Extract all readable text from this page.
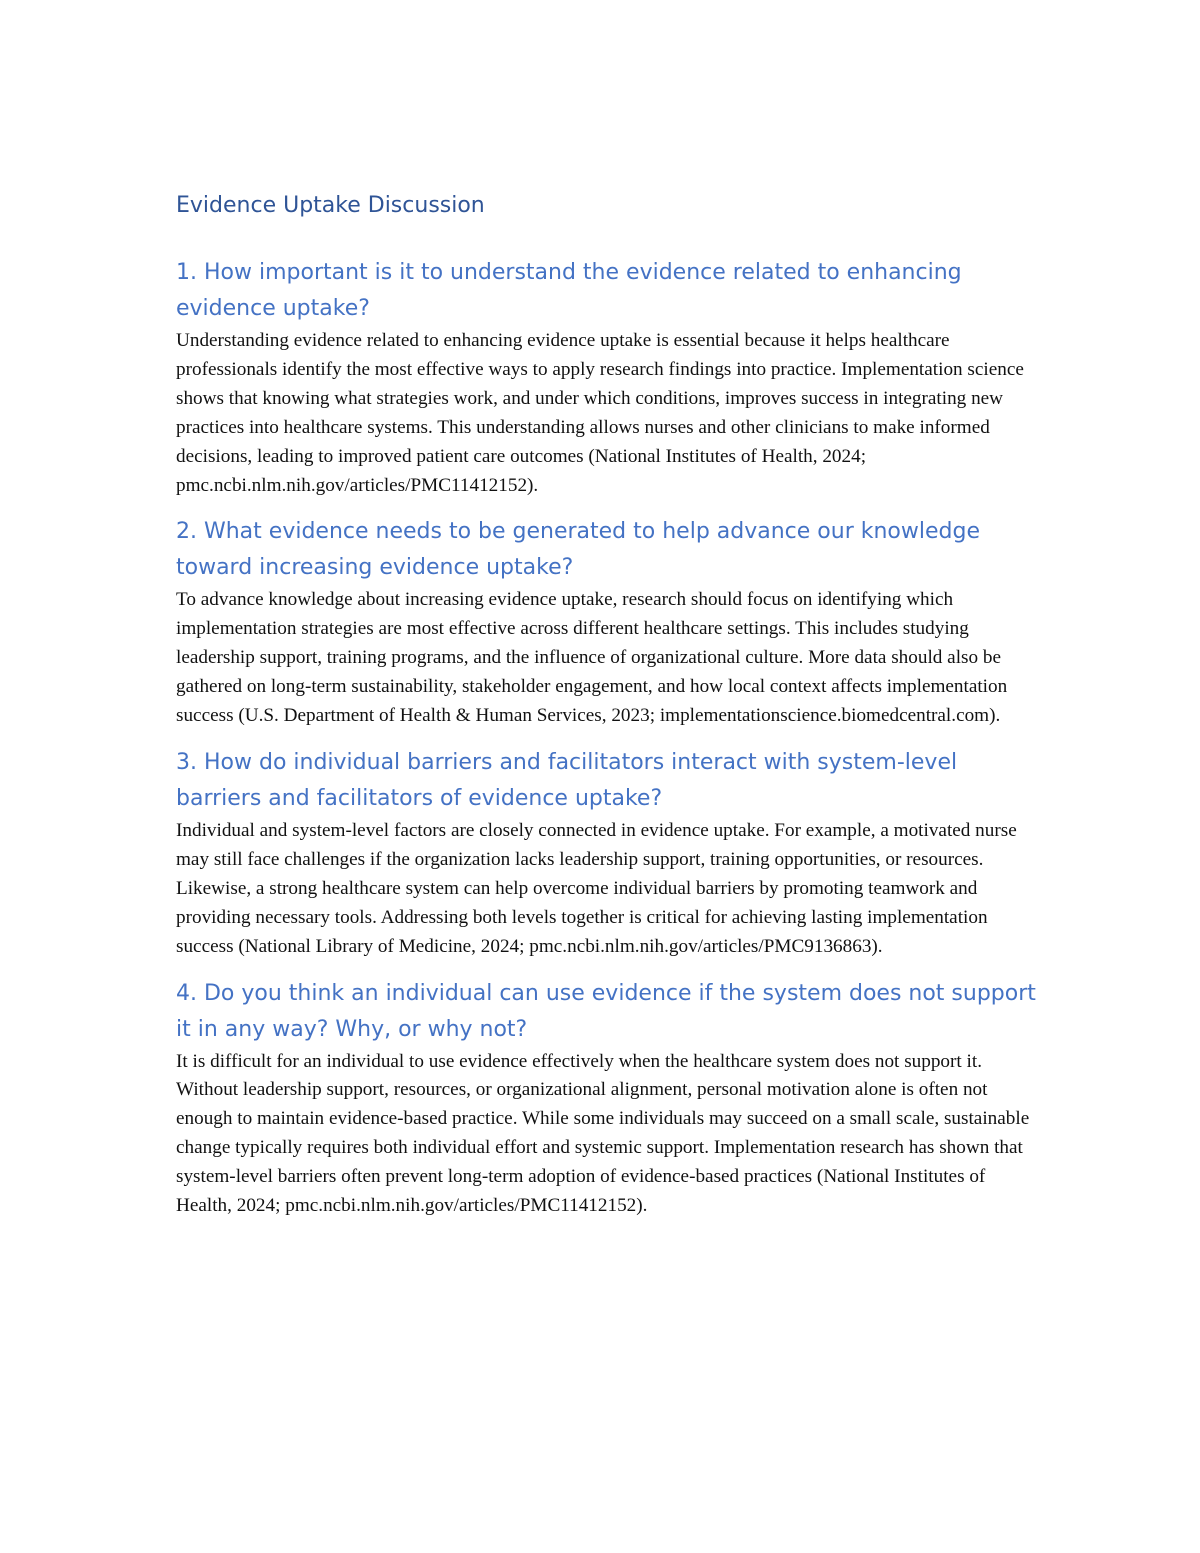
Evidence Uptake Discussion
1. How important is it to understand the evidence related to enhancing evidence uptake?

Understanding evidence related to enhancing evidence uptake is essential because it helps healthcare professionals identify the most effective ways to apply research findings into practice. Implementation science shows that knowing what strategies work, and under which conditions, improves success in integrating new practices into healthcare systems. This understanding allows nurses and other clinicians to make informed decisions, leading to improved patient care outcomes (National Institutes of Health, 2024; pmc.ncbi.nlm.nih.gov/articles/PMC11412152).

2. What evidence needs to be generated to help advance our knowledge toward increasing evidence uptake?

To advance knowledge about increasing evidence uptake, research should focus on identifying which implementation strategies are most effective across different healthcare settings. This includes studying leadership support, training programs, and the influence of organizational culture. More data should also be gathered on long-term sustainability, stakeholder engagement, and how local context affects implementation success (U.S. Department of Health & Human Services, 2023; implementationscience.biomedcentral.com).

3. How do individual barriers and facilitators interact with system-level barriers and facilitators of evidence uptake?

Individual and system-level factors are closely connected in evidence uptake. For example, a motivated nurse may still face challenges if the organization lacks leadership support, training opportunities, or resources. Likewise, a strong healthcare system can help overcome individual barriers by promoting teamwork and providing necessary tools. Addressing both levels together is critical for achieving lasting implementation success (National Library of Medicine, 2024; pmc.ncbi.nlm.nih.gov/articles/PMC9136863).

4. Do you think an individual can use evidence if the system does not support it in any way? Why, or why not?

It is difficult for an individual to use evidence effectively when the healthcare system does not support it. Without leadership support, resources, or organizational alignment, personal motivation alone is often not enough to maintain evidence-based practice. While some individuals may succeed on a small scale, sustainable change typically requires both individual effort and systemic support. Implementation research has shown that system-level barriers often prevent long-term adoption of evidence-based practices (National Institutes of Health, 2024; pmc.ncbi.nlm.nih.gov/articles/PMC11412152).
